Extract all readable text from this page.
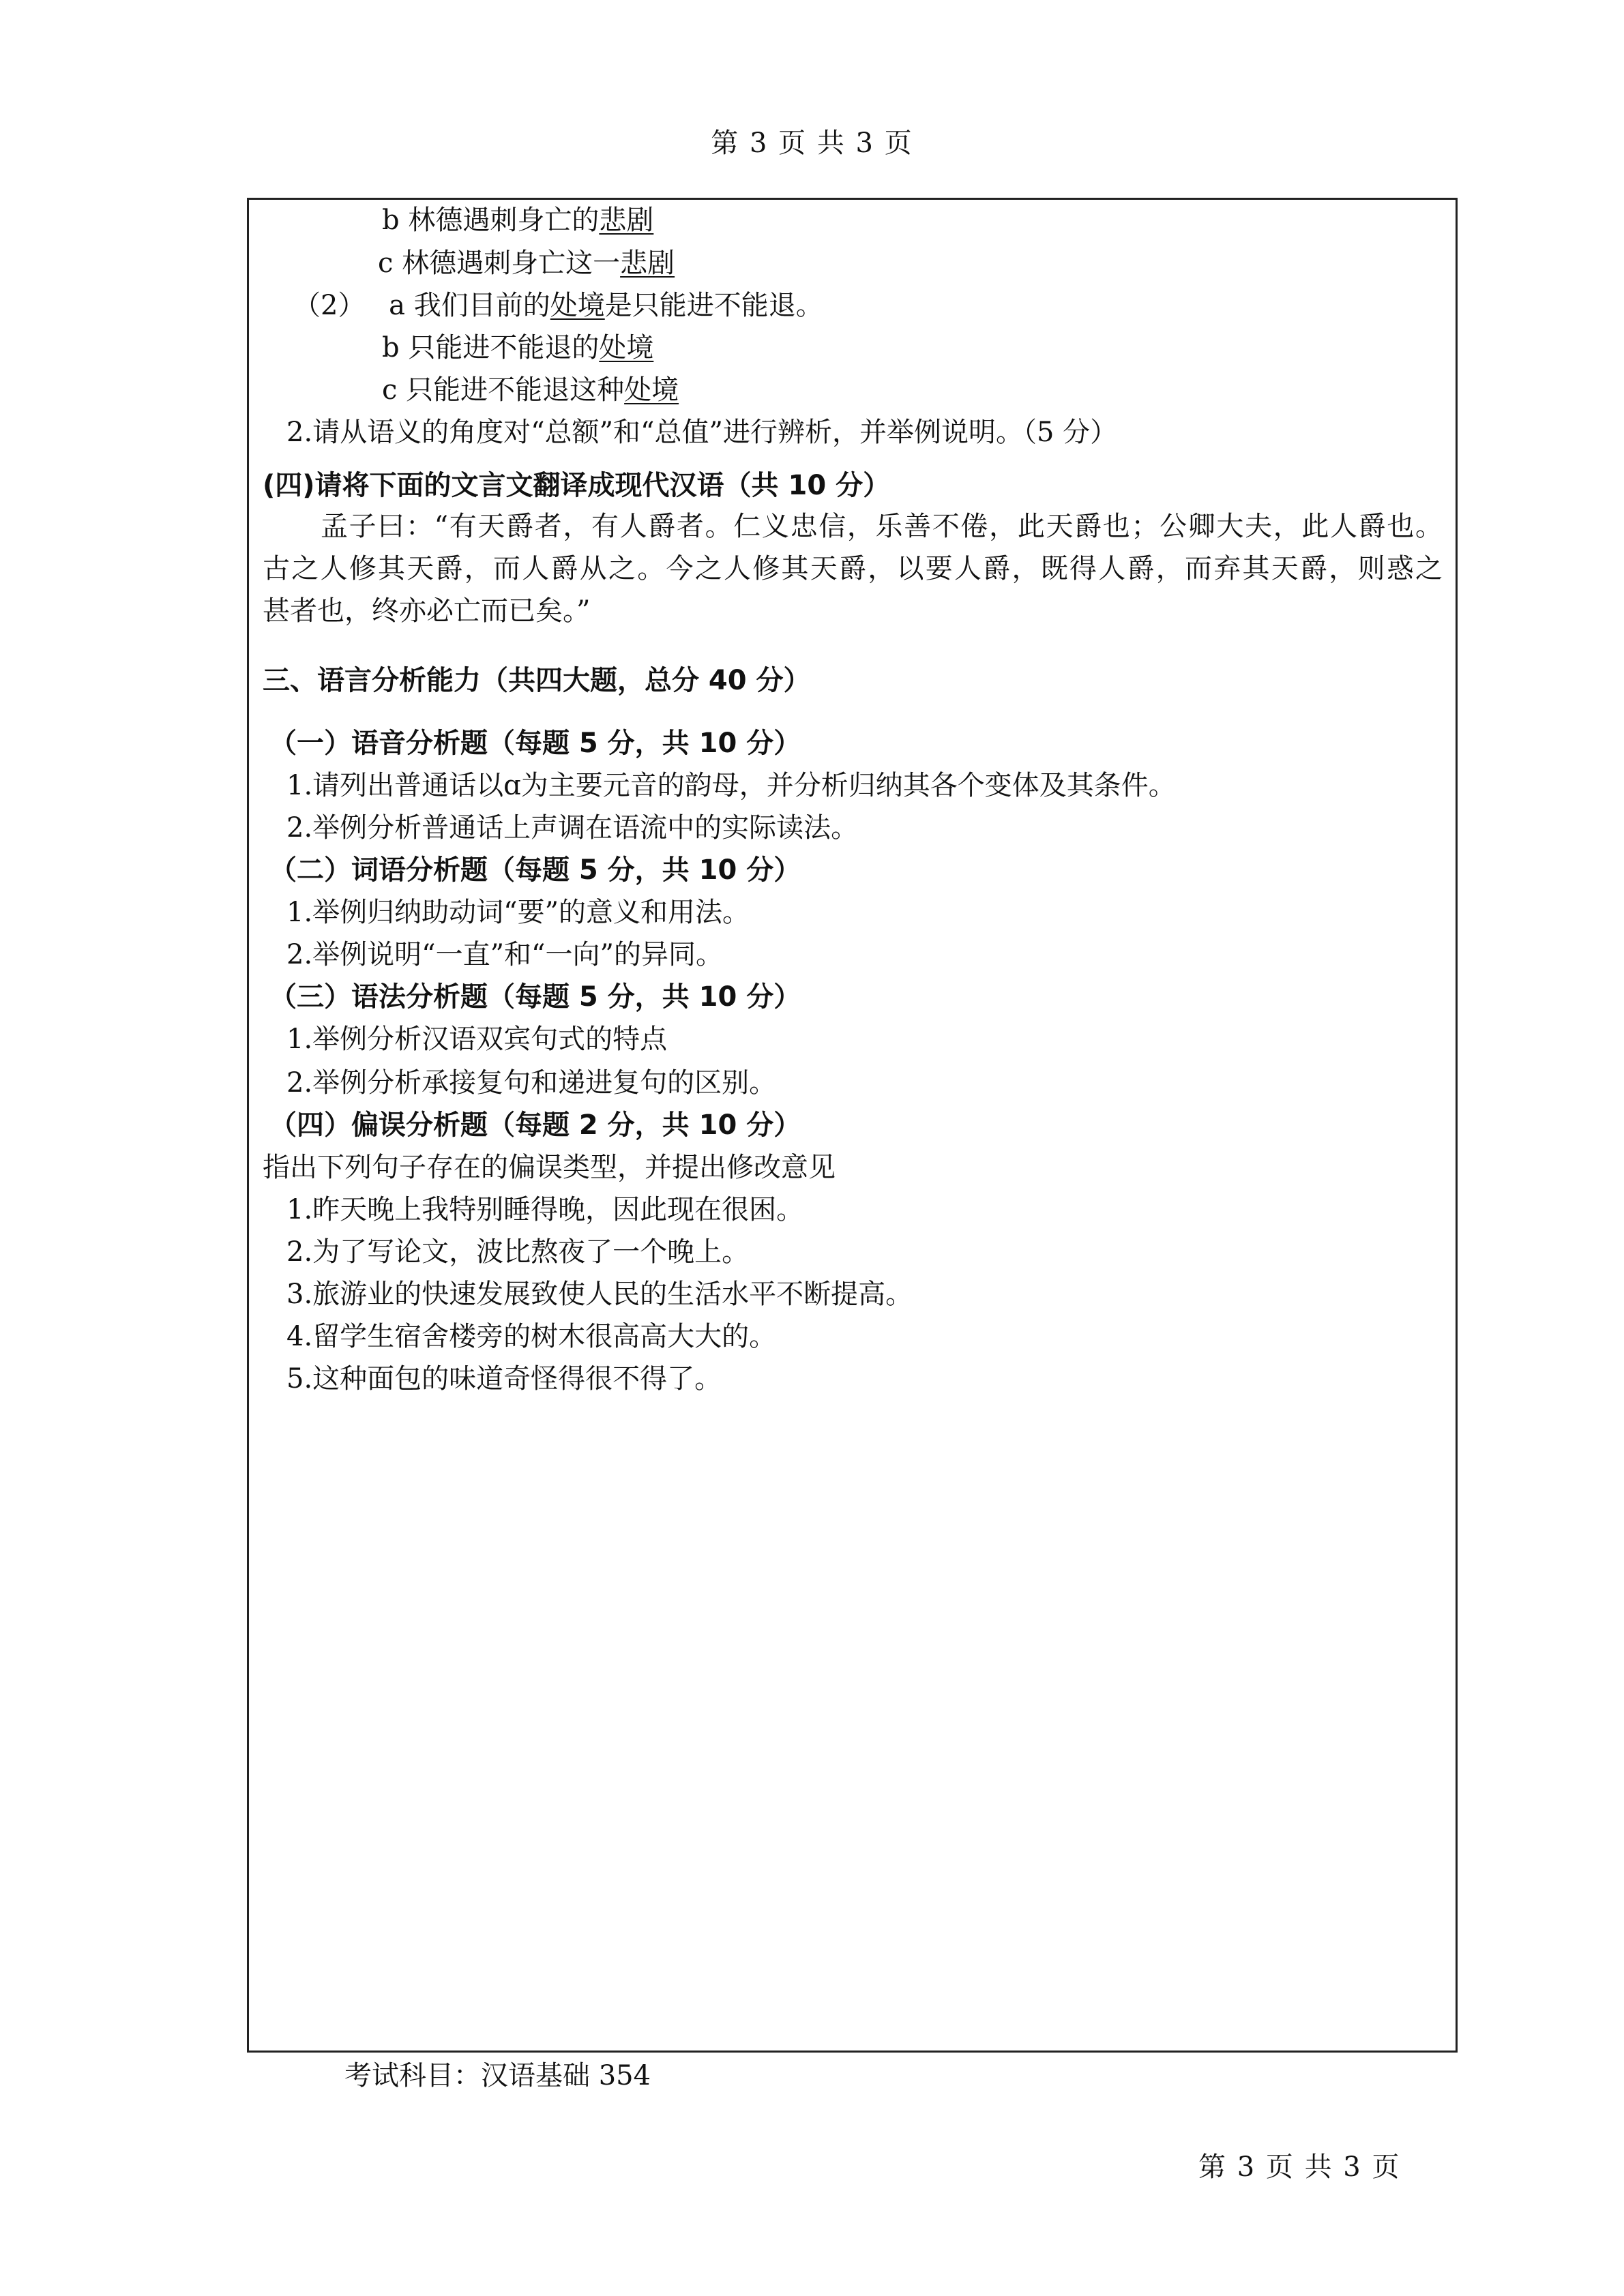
第 3 页 共 3 页
b 林德遇刺身亡的悲剧
c 林德遇刺身亡这一悲剧
（2） a 我们目前的处境是只能进不能退。
b 只能进不能退的处境
c 只能进不能退这种处境
2.请从语义的角度对“总额”和“总值”进行辨析，并举例说明。（5 分）
(四)请将下面的文言文翻译成现代汉语（共 10 分）
孟子曰：“有天爵者，有人爵者。仁义忠信，乐善不倦，此天爵也；公卿大夫，此人爵也。
古之人修其天爵，而人爵从之。今之人修其天爵，以要人爵，既得人爵，而弃其天爵，则惑之
甚者也，终亦必亡而已矣。”
三、语言分析能力（共四大题，总分 40 分）
（一）语音分析题（每题 5 分，共 10 分）
1.请列出普通话以ɑ为主要元音的韵母，并分析归纳其各个变体及其条件。
2.举例分析普通话上声调在语流中的实际读法。
（二）词语分析题（每题 5 分，共 10 分）
1.举例归纳助动词“要”的意义和用法。
2.举例说明“一直”和“一向”的异同。
（三）语法分析题（每题 5 分，共 10 分）
1.举例分析汉语双宾句式的特点
2.举例分析承接复句和递进复句的区别。
（四）偏误分析题（每题 2 分，共 10 分）
指出下列句子存在的偏误类型，并提出修改意见
1.昨天晚上我特别睡得晚，因此现在很困。
2.为了写论文，波比熬夜了一个晚上。
3.旅游业的快速发展致使人民的生活水平不断提高。
4.留学生宿舍楼旁的树木很高高大大的。
5.这种面包的味道奇怪得很不得了。
考试科目：汉语基础 354
第 3 页 共 3 页
